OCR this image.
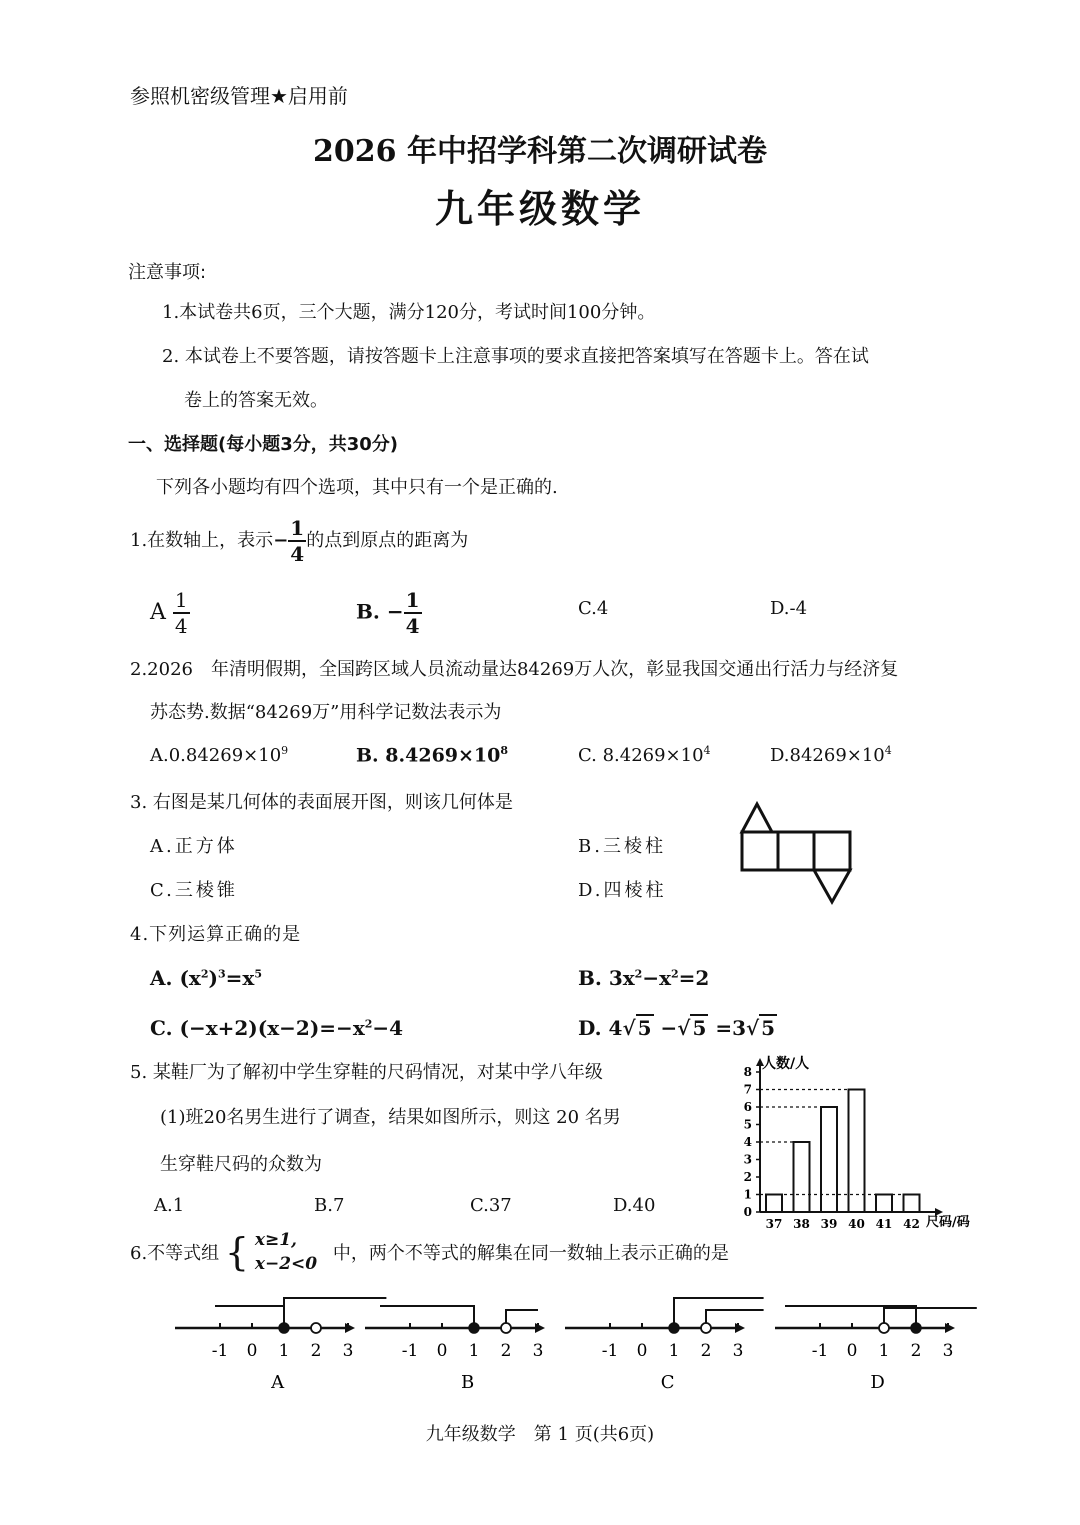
参照机密级管理★启用前
2026 年中招学科第二次调研试卷
九年级数学
注意事项:
1.本试卷共6页，三个大题，满分120分，考试时间100分钟。
2. 本试卷上不要答题，请按答题卡上注意事项的要求直接把答案填写在答题卡上。答在试
卷上的答案无效。
一、选择题(每小题3分，共30分)
下列各小题均有四个选项，其中只有一个是正确的.
1.在数轴上，表示− $\frac{1}{4}$ 的点到原点的距离为
A $\frac{1}{4}$	B. − $\frac{1}{4}$	C.4	D.-4
2.2026　年清明假期，全国跨区域人员流动量达84269万人次，彰显我国交通出行活力与经济复
苏态势.数据“84269万”用科学记数法表示为
$A.0.84269\times 10^9$	B. $8.4269\times 10^8$	C. $8.4269\times 10^4$	$D.84269\times 10^4$
3. 右图是某几何体的表面展开图，则该几何体是
A.正方体	B.三棱柱
C.三棱锥	D.四棱柱
4.下列运算正确的是
A. $(x^2)^3=x^5$	B. $3x^2-x^2=2$
C. $(-x+2)(x-2)=-x^2-4$	D. 4√ 5 −√ 5 =3√ 5
5. 某鞋厂为了解初中学生穿鞋的尺码情况，对某中学八年级
(1)班20名男生进行了调查，结果如图所示，则这 20 名男
生穿鞋尺码的众数为
A.1	B.7	C.37	D.40
人数/人
尺码/码
0
1
2
3
4
5
6
7
8
37 38 39 40 41 42
6.不等式组 { x≥1,
x−2<0 中，两个不等式的解集在同一数轴上表示正确的是
-1 0 1 2 3
A
-1 0 1 2 3
B
-1 0 1 2 3
C
-1 0 1 2 3
D
九年级数学　第 1 页(共6页)
